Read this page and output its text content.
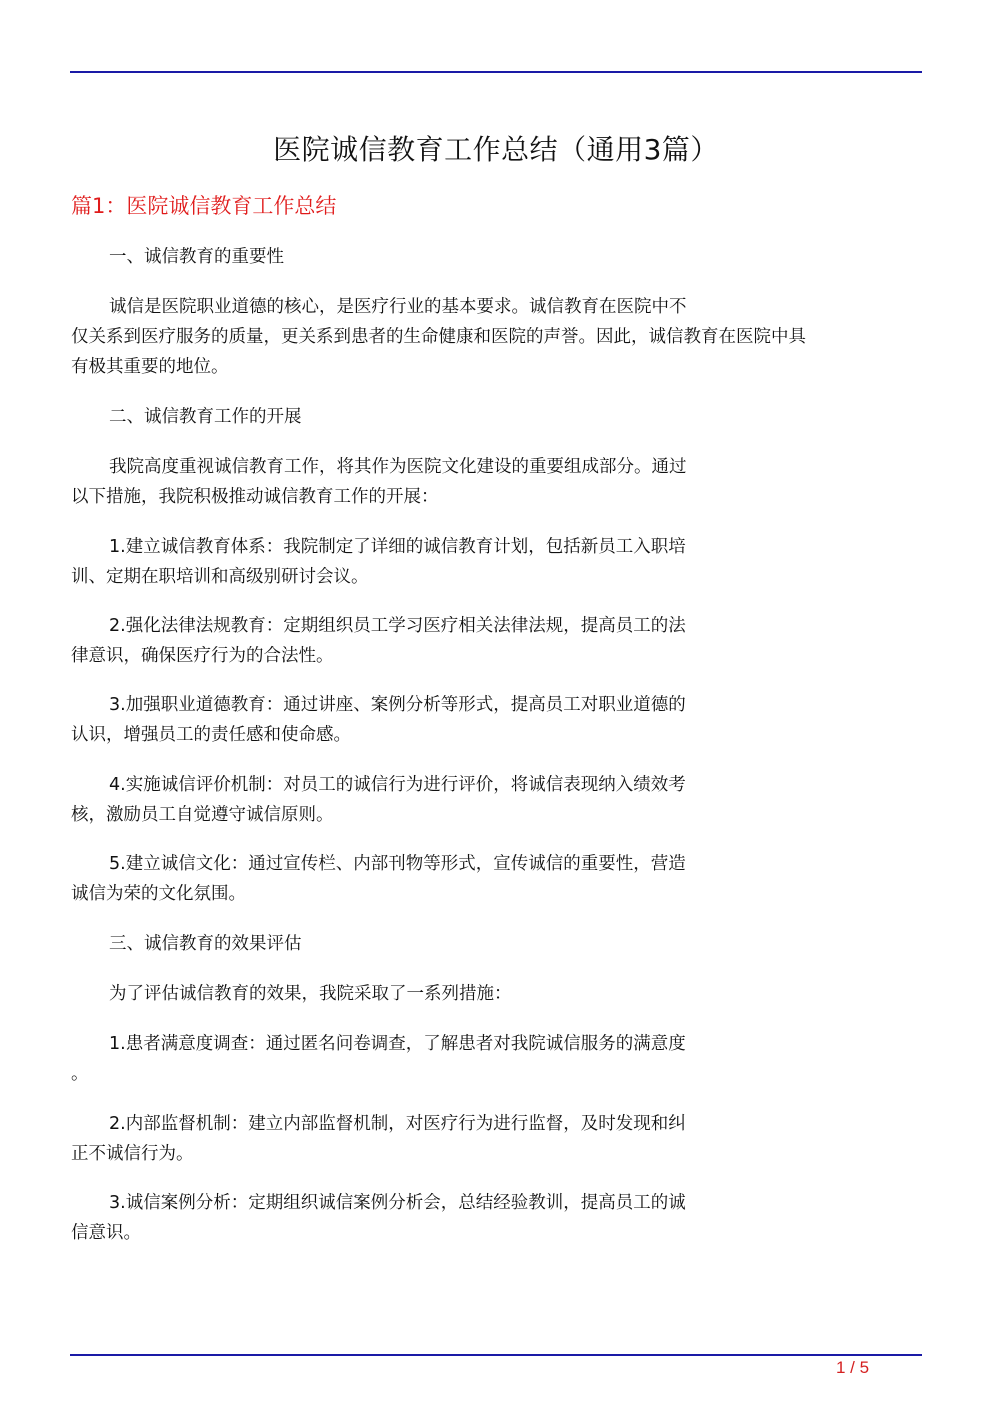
医院诚信教育工作总结（通用3篇）
篇1：医院诚信教育工作总结
一、诚信教育的重要性
诚信是医院职业道德的核心，是医疗行业的基本要求。诚信教育在医院中不
仅关系到医疗服务的质量，更关系到患者的生命健康和医院的声誉。因此，诚信教育在医院中具
有极其重要的地位。
二、诚信教育工作的开展
我院高度重视诚信教育工作，将其作为医院文化建设的重要组成部分。通过
以下措施，我院积极推动诚信教育工作的开展：
1.建立诚信教育体系：我院制定了详细的诚信教育计划，包括新员工入职培
训、定期在职培训和高级别研讨会议。
2.强化法律法规教育：定期组织员工学习医疗相关法律法规，提高员工的法
律意识，确保医疗行为的合法性。
3.加强职业道德教育：通过讲座、案例分析等形式，提高员工对职业道德的
认识，增强员工的责任感和使命感。
4.实施诚信评价机制：对员工的诚信行为进行评价，将诚信表现纳入绩效考
核，激励员工自觉遵守诚信原则。
5.建立诚信文化：通过宣传栏、内部刊物等形式，宣传诚信的重要性，营造
诚信为荣的文化氛围。
三、诚信教育的效果评估
为了评估诚信教育的效果，我院采取了一系列措施：
1.患者满意度调查：通过匿名问卷调查，了解患者对我院诚信服务的满意度
。
2.内部监督机制：建立内部监督机制，对医疗行为进行监督，及时发现和纠
正不诚信行为。
3.诚信案例分析：定期组织诚信案例分析会，总结经验教训，提高员工的诚
信意识。
1 / 5
